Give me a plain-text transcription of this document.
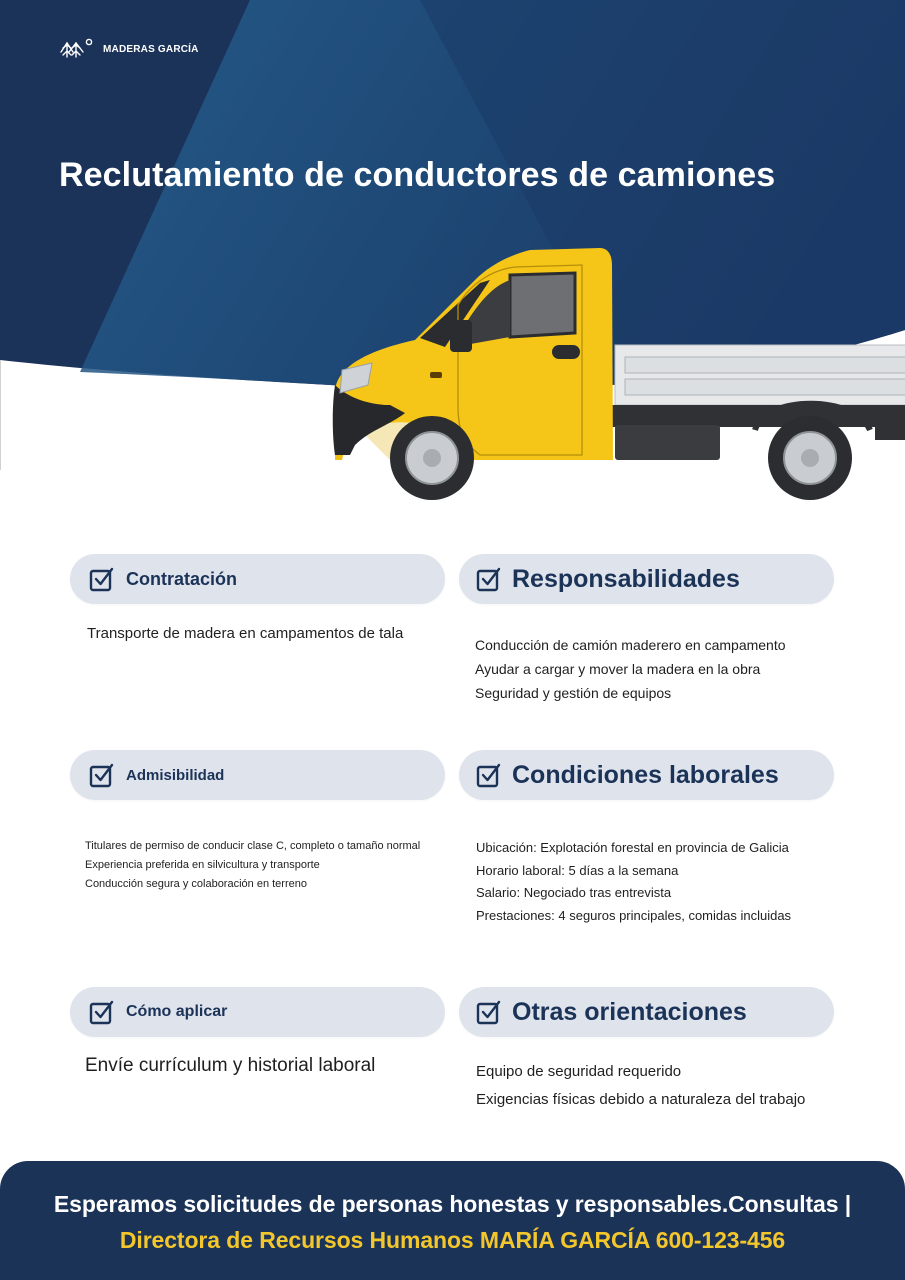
MADERAS GARCÍA
Reclutamiento de conductores de camiones
Contratación

Transporte de madera en campamentos de tala

Responsabilidades

Conducción de camión maderero en campamento

Ayudar a cargar y mover la madera en la obra

Seguridad y gestión de equipos

Admisibilidad

Titulares de permiso de conducir clase C, completo o tamaño normal

Experiencia preferida en silvicultura y transporte

Conducción segura y colaboración en terreno

Condiciones laborales

Ubicación: Explotación forestal en provincia de Galicia

Horario laboral: 5 días a la semana

Salario: Negociado tras entrevista

Prestaciones: 4 seguros principales, comidas incluidas

Cómo aplicar

Envíe currículum y historial laboral

Otras orientaciones

Equipo de seguridad requerido

Exigencias físicas debido a naturaleza del trabajo

Esperamos solicitudes de personas honestas y responsables.Consultas |
Directora de Recursos Humanos MARÍA GARCÍA 600-123-456
